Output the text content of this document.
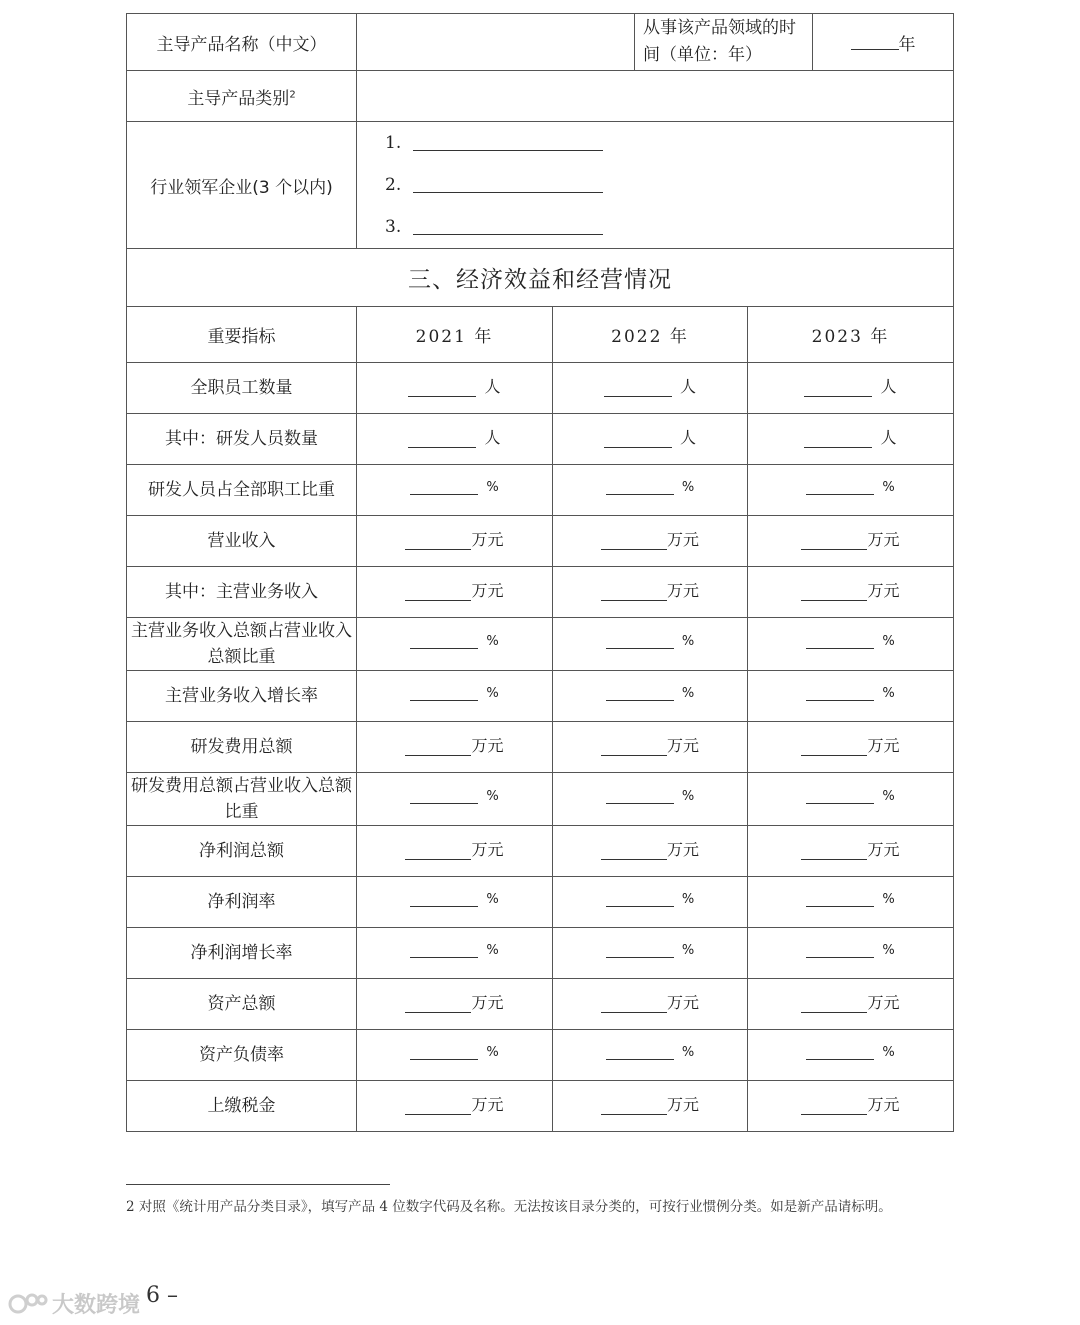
主导产品名称（中文）		从事该产品领域的时间（单位：年）	年
主导产品类别$^2$	
行业领军企业(3 个以内)	1.
2.
3.		

三、经济效益和经营情况			
重要指标	2021 年	2022 年	2023 年
全职员工数量	人	人	人

其中：研发人员数量	人	人	人

研发人员占全部职工比重	%	%	%

营业收入	万元	万元	万元

其中：主营业务收入	万元	万元	万元

主营业务收入总额占营业收入总额比重	%	%	%

主营业务收入增长率	%	%	%

研发费用总额	万元	万元	万元

研发费用总额占营业收入总额比重	%	%	%

净利润总额	万元	万元	万元

净利润率	%	%	%

净利润增长率	%	%	%

资产总额	万元	万元	万元

资产负债率	%	%	%

上缴税金	万元	万元	万元
2 对照《统计用产品分类目录》，填写产品 4 位数字代码及名称。无法按该目录分类的，可按行业惯例分类。如是新产品请标明。
大数跨境 6 –
